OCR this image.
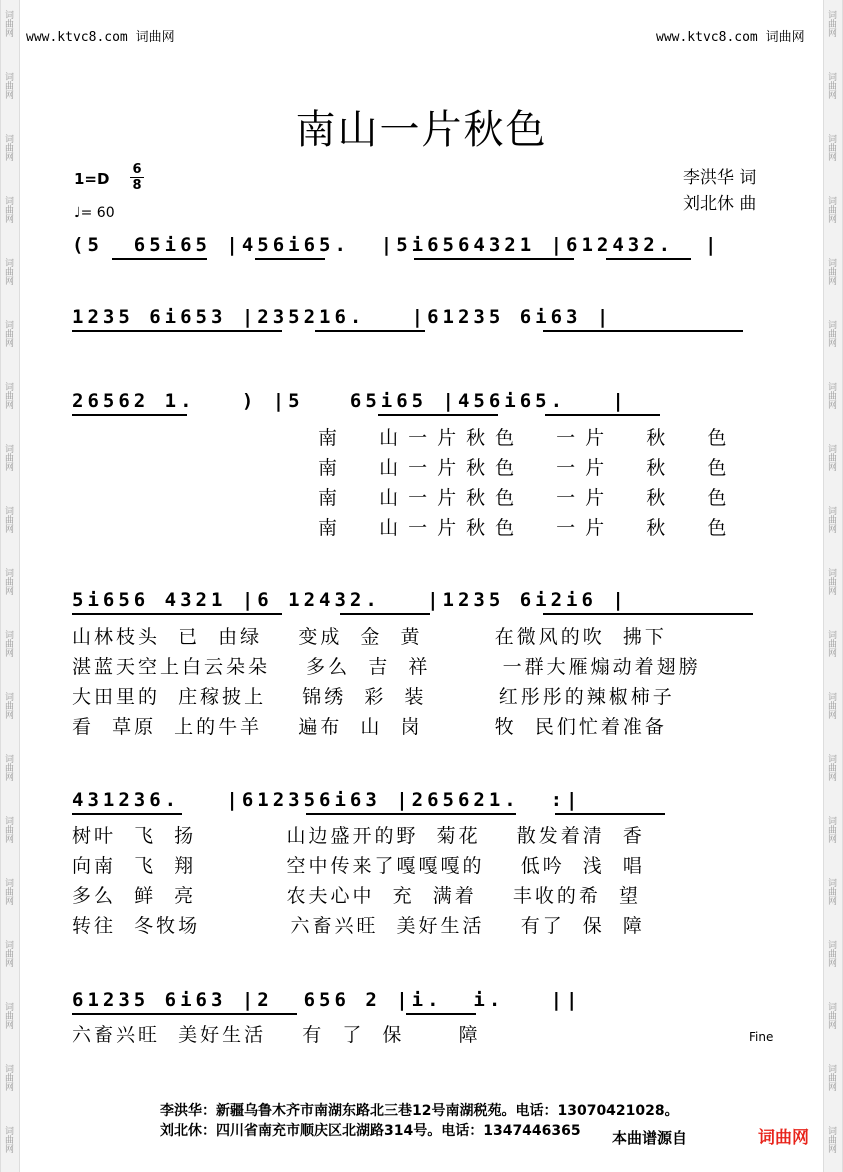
词曲网
词曲网
词曲网
词曲网
词曲网
词曲网
词曲网
词曲网
词曲网
词曲网
词曲网
词曲网
词曲网
词曲网
词曲网
词曲网
词曲网
词曲网
词曲网
词曲网
词曲网
词曲网
词曲网
词曲网
词曲网
词曲网
词曲网
词曲网
词曲网
词曲网
词曲网
词曲网
词曲网
词曲网
词曲网
词曲网
词曲网
词曲网
www.ktvc8.com 词曲网	www.ktvc8.com 词曲网
南山一片秋色
1=D
6
8
♩= 60
李洪华 词
刘北休 曲
(5  65i65 |456i65.  |5i6564321 |612432.  |
1235 6i653 |235216.   |61235 6i63 |
26562 1.   ) |5   65i65 |456i65.   |
5i656 4321 |6 12432.   |1235 6i2i6 |
431236.   |612356i63 |265621.  :|
61235 6i63 |2  656 2 |i.  i.   ||
南  山一片秋色  一片  秋  色
南  山一片秋色  一片  秋  色
南  山一片秋色  一片  秋  色
南  山一片秋色  一片  秋  色
山林枝头  已  由绿    变成  金  黄        在微风的吹  拂下
湛蓝天空上白云朵朵    多么  吉  祥        一群大雁煽动着翅膀
大田里的  庄稼披上    锦绣  彩  装        红彤彤的辣椒柿子
看  草原  上的牛羊    遍布  山  岗        牧  民们忙着准备
树叶  飞  扬          山边盛开的野  菊花    散发着清  香
向南  飞  翔          空中传来了嘎嘎嘎的    低吟  浅  唱
多么  鲜  亮          农夫心中  充  满着    丰收的希  望
转往  冬牧场          六畜兴旺  美好生活    有了  保  障
六畜兴旺  美好生活    有  了  保      障	Fine
李洪华：新疆乌鲁木齐市南湖东路北三巷12号南湖税苑。电话：13070421028。
刘北休：四川省南充市顺庆区北湖路314号。电话：1347446365 本曲谱源自	词曲网
